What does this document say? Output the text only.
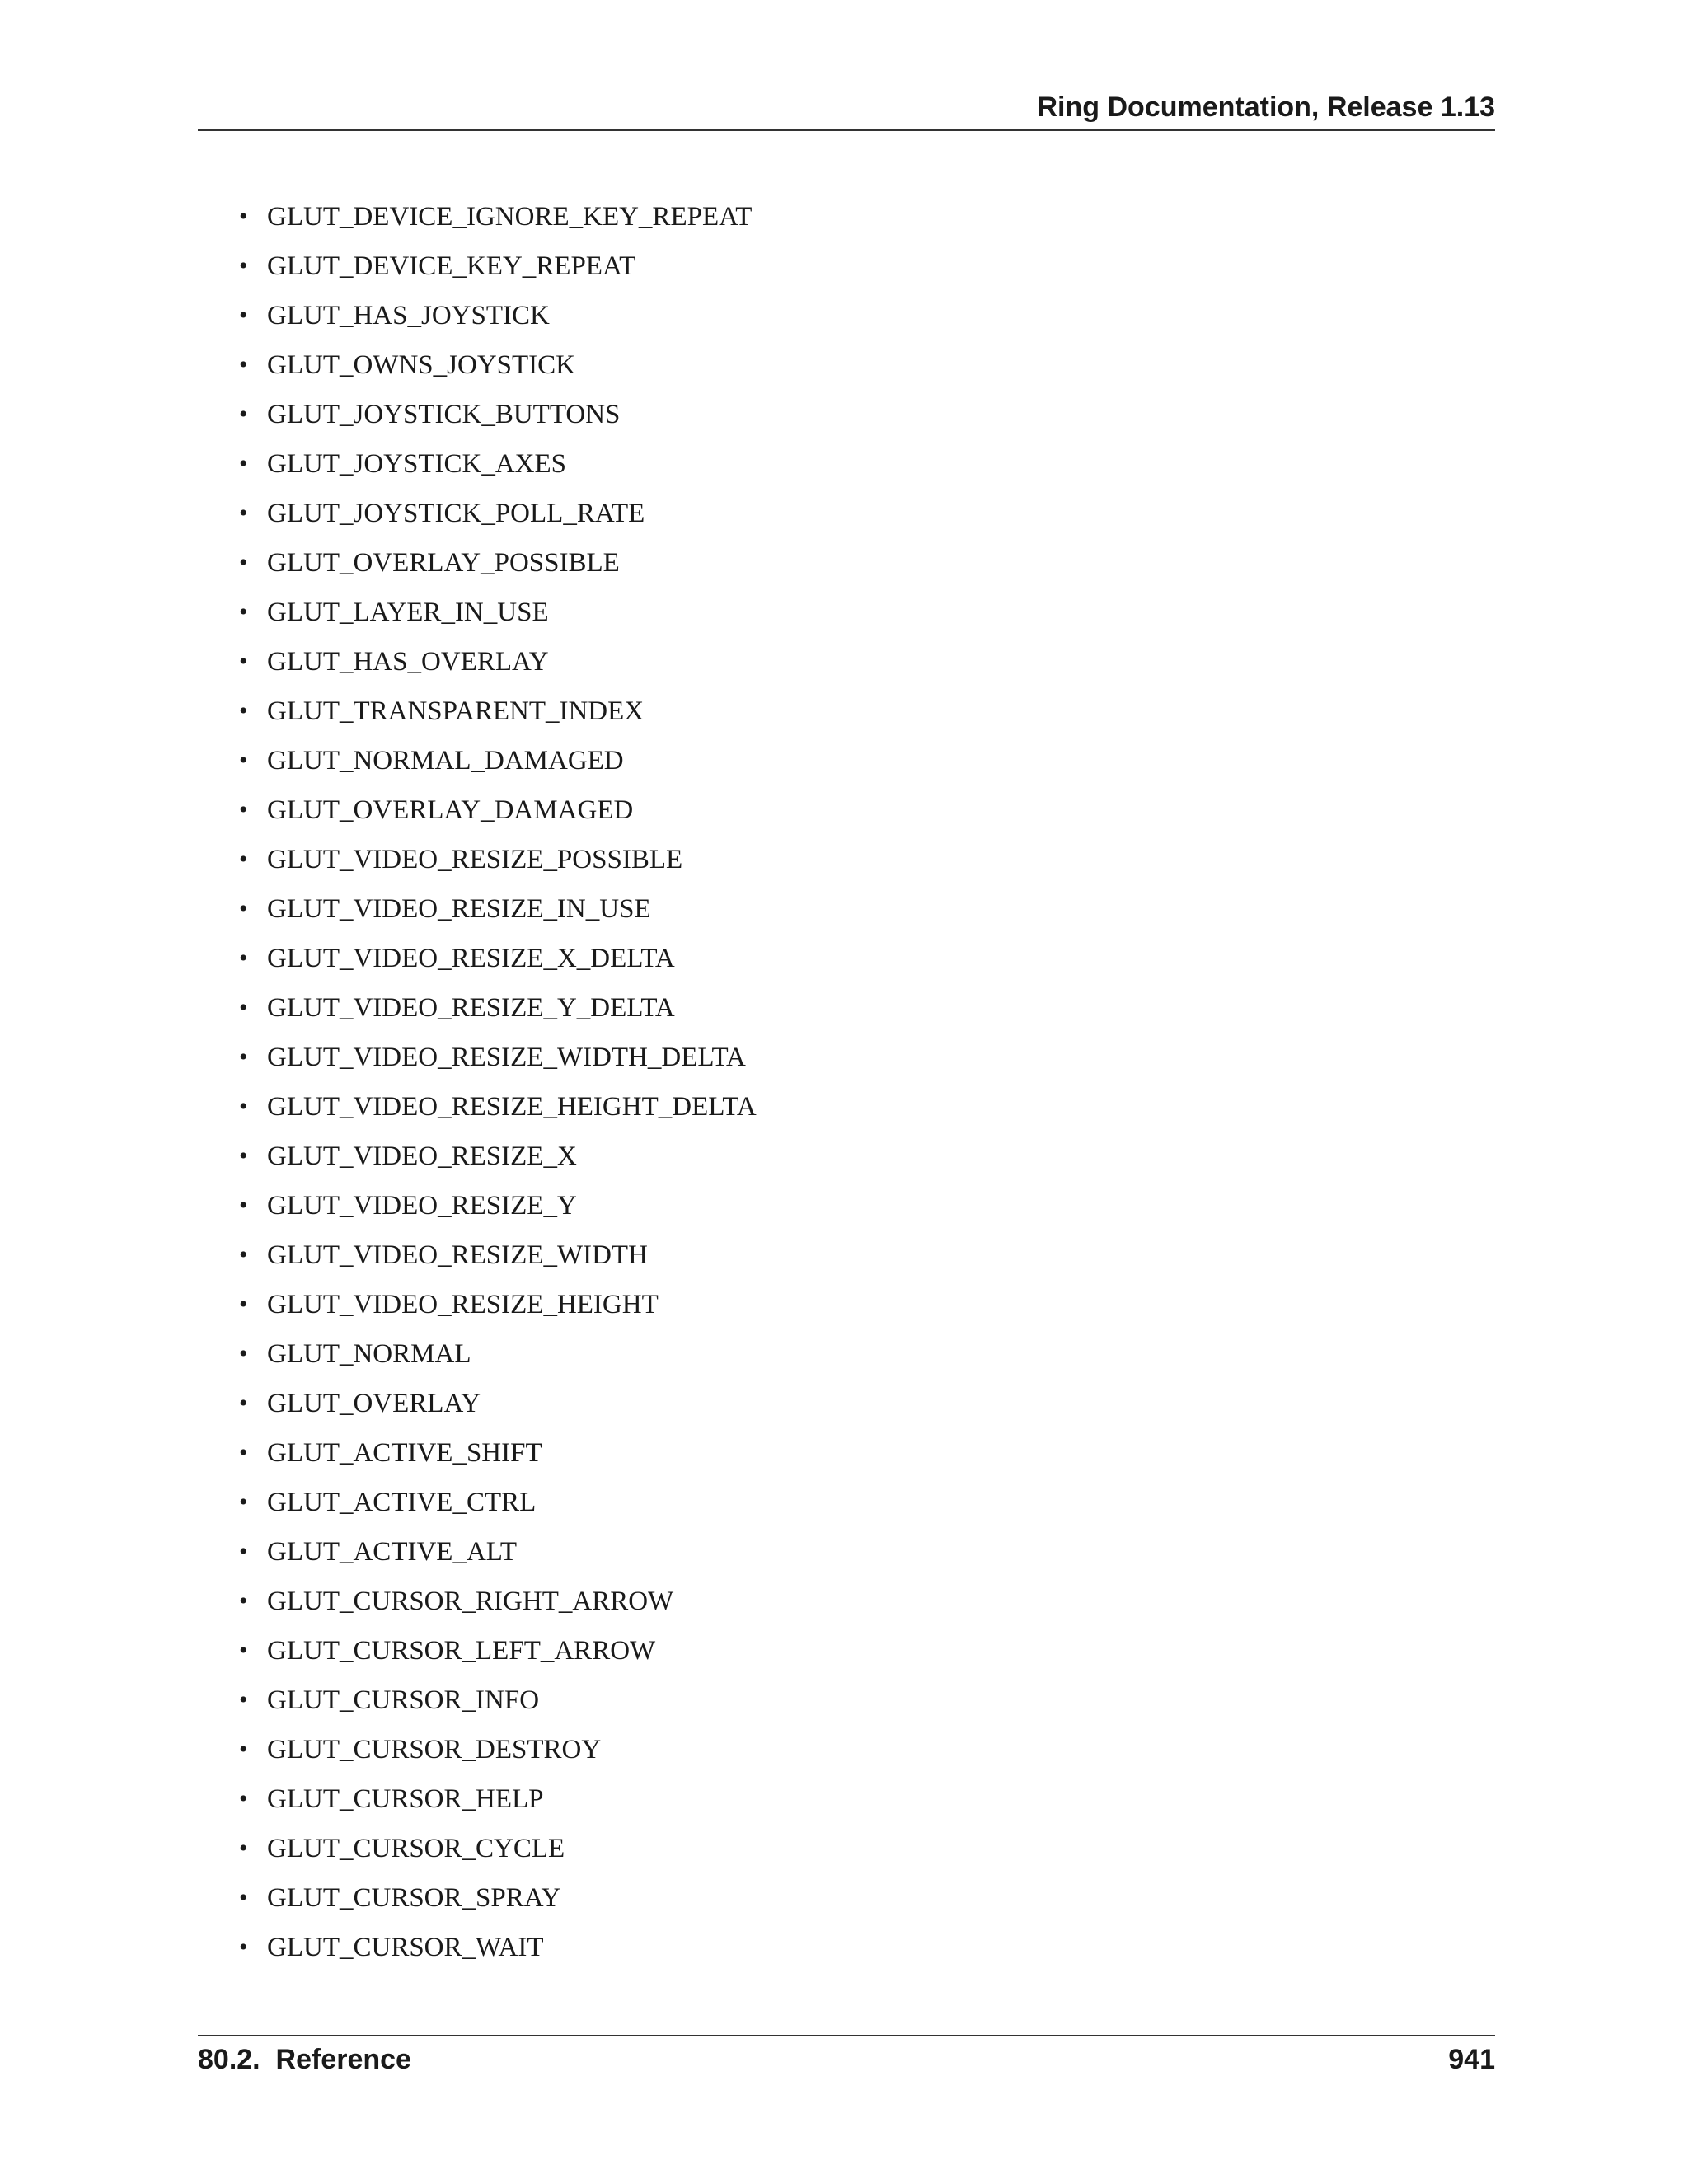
Ring Documentation, Release 1.13
• GLUT_DEVICE_IGNORE_KEY_REPEAT
• GLUT_DEVICE_KEY_REPEAT
• GLUT_HAS_JOYSTICK
• GLUT_OWNS_JOYSTICK
• GLUT_JOYSTICK_BUTTONS
• GLUT_JOYSTICK_AXES
• GLUT_JOYSTICK_POLL_RATE
• GLUT_OVERLAY_POSSIBLE
• GLUT_LAYER_IN_USE
• GLUT_HAS_OVERLAY
• GLUT_TRANSPARENT_INDEX
• GLUT_NORMAL_DAMAGED
• GLUT_OVERLAY_DAMAGED
• GLUT_VIDEO_RESIZE_POSSIBLE
• GLUT_VIDEO_RESIZE_IN_USE
• GLUT_VIDEO_RESIZE_X_DELTA
• GLUT_VIDEO_RESIZE_Y_DELTA
• GLUT_VIDEO_RESIZE_WIDTH_DELTA
• GLUT_VIDEO_RESIZE_HEIGHT_DELTA
• GLUT_VIDEO_RESIZE_X
• GLUT_VIDEO_RESIZE_Y
• GLUT_VIDEO_RESIZE_WIDTH
• GLUT_VIDEO_RESIZE_HEIGHT
• GLUT_NORMAL
• GLUT_OVERLAY
• GLUT_ACTIVE_SHIFT
• GLUT_ACTIVE_CTRL
• GLUT_ACTIVE_ALT
• GLUT_CURSOR_RIGHT_ARROW
• GLUT_CURSOR_LEFT_ARROW
• GLUT_CURSOR_INFO
• GLUT_CURSOR_DESTROY
• GLUT_CURSOR_HELP
• GLUT_CURSOR_CYCLE
• GLUT_CURSOR_SPRAY
• GLUT_CURSOR_WAIT
80.2.  Reference	941
